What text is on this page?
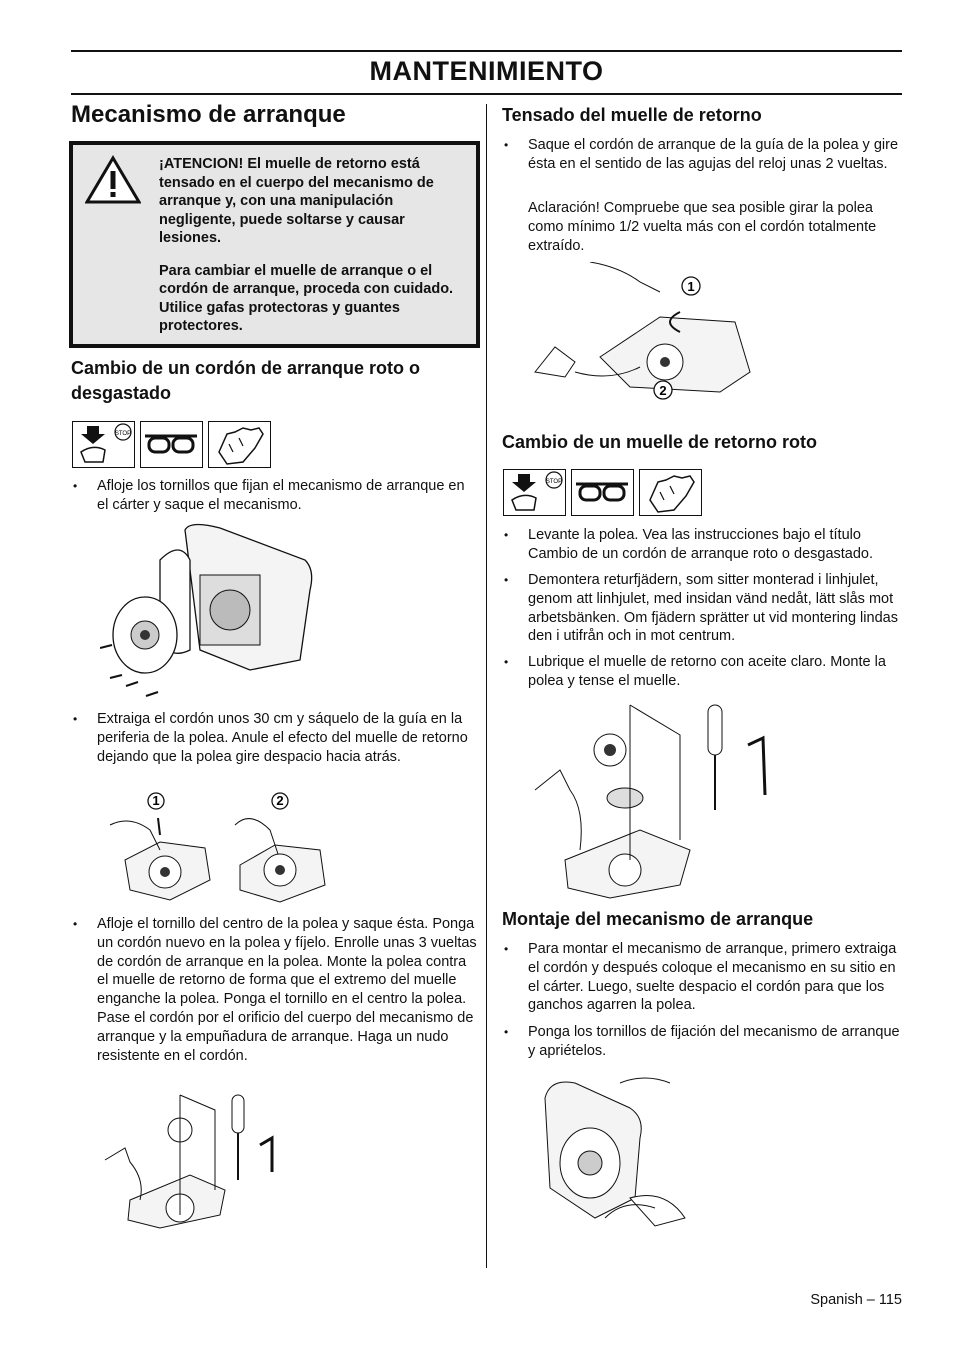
MANTENIMIENTO
Mecanismo de arranque

¡ATENCION! El muelle de retorno está tensado en el cuerpo del mecanismo de arranque y, con una manipulación negligente, puede soltarse y causar lesiones.

Para cambiar el muelle de arranque o el cordón de arranque, proceda con cuidado. Utilice gafas protectoras y guantes protectores.

Cambio de un cordón de arranque roto o desgastado
STOP
• Afloje los tornillos que fijan el mecanismo de arranque en el cárter y saque el mecanismo.
• Extraiga el cordón unos 30 cm y sáquelo de la guía en la periferia de la polea. Anule el efecto del muelle de retorno dejando que la polea gire despacio hacia atrás.
1	2
• Afloje el tornillo del centro de la polea y saque ésta. Ponga un cordón nuevo en la polea y fíjelo. Enrolle unas 3 vueltas de cordón de arranque en la polea. Monte la polea contra el muelle de retorno de forma que el extremo del muelle enganche la polea. Ponga el tornillo en el centro la polea. Pase el cordón por el orificio del cuerpo del mecanismo de arranque y la empuñadura de arranque. Haga un nudo resistente en el cordón.
Tensado del muelle de retorno
• Saque el cordón de arranque de la guía de la polea y gire ésta en el sentido de las agujas del reloj unas 2 vueltas.
Aclaración! Compruebe que sea posible girar la polea como mínimo 1/2 vuelta más con el cordón totalmente extraído.
1
2
Cambio de un muelle de retorno roto
STOP
• Levante la polea. Vea las instrucciones bajo el título Cambio de un cordón de arranque roto o desgastado.
• Demontera returfjädern, som sitter monterad i linhjulet, genom att linhjulet, med insidan vänd nedåt, lätt slås mot arbetsbänken. Om fjädern sprätter ut vid montering lindas den i utifrån och in mot centrum.
• Lubrique el muelle de retorno con aceite claro. Monte la polea y tense el muelle.
Montaje del mecanismo de arranque
• Para montar el mecanismo de arranque, primero extraiga el cordón y después coloque el mecanismo en su sitio en el cárter. Luego, suelte despacio el cordón para que los ganchos agarren la polea.
• Ponga los tornillos de fijación del mecanismo de arranque y apriételos.
Spanish – 115
